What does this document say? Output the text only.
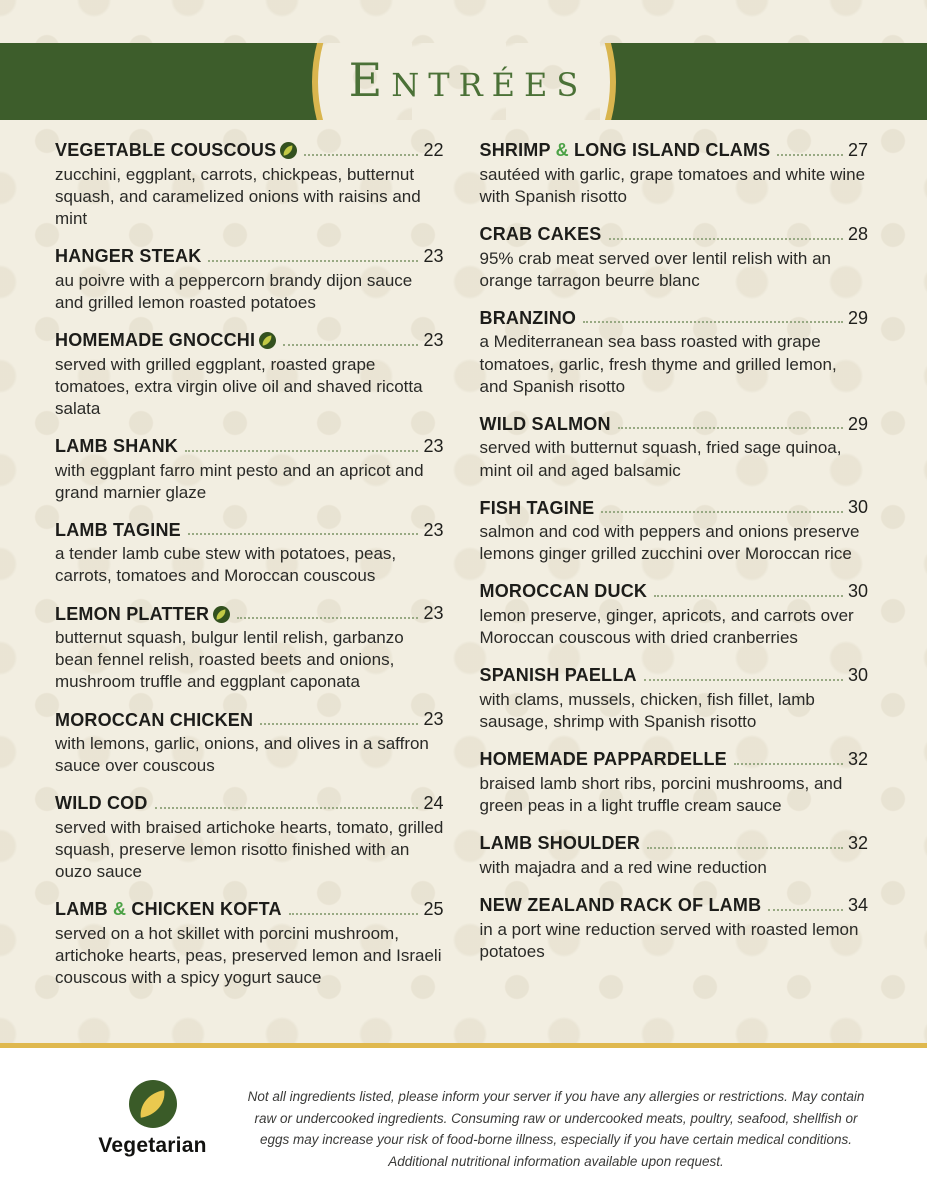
Entrées
VEGETABLE COUSCOUS	22

zucchini, eggplant, carrots, chickpeas, butternut squash, and caramelized onions with raisins and mint

HANGER STEAK	23

au poivre with a peppercorn brandy dijon sauce and grilled lemon roasted potatoes

HOMEMADE GNOCCHI	23

served with grilled eggplant, roasted grape tomatoes, extra virgin olive oil and shaved ricotta salata

LAMB SHANK	23

with eggplant farro mint pesto and an apricot and grand marnier glaze

LAMB TAGINE	23

a tender lamb cube stew with potatoes, peas, carrots, tomatoes and Moroccan couscous

LEMON PLATTER	23

butternut squash, bulgur lentil relish, garbanzo bean fennel relish, roasted beets and onions, mushroom truffle and eggplant caponata

MOROCCAN CHICKEN	23

with lemons, garlic, onions, and olives in a saffron sauce over couscous

WILD COD	24

served with braised artichoke hearts, tomato, grilled squash, preserve lemon risotto finished with an ouzo sauce

LAMB & CHICKEN KOFTA	25

served on a hot skillet with porcini mushroom, artichoke hearts, peas, preserved lemon and Israeli couscous with a spicy yogurt sauce

SHRIMP & LONG ISLAND CLAMS	27

sautéed with garlic, grape tomatoes and white wine with Spanish risotto

CRAB CAKES	28

95% crab meat served over lentil relish with an orange tarragon beurre blanc

BRANZINO	29

a Mediterranean sea bass roasted with grape tomatoes, garlic, fresh thyme and grilled lemon, and Spanish risotto

WILD SALMON	29

served with butternut squash, fried sage quinoa, mint oil and aged balsamic

FISH TAGINE	30

salmon and cod with peppers and onions preserve lemons ginger grilled zucchini over Moroccan rice

MOROCCAN DUCK	30

lemon preserve, ginger, apricots, and carrots over Moroccan couscous with dried cranberries

SPANISH PAELLA	30

with clams, mussels, chicken, fish fillet, lamb sausage, shrimp with Spanish risotto

HOMEMADE PAPPARDELLE	32

braised lamb short ribs, porcini mushrooms, and green peas in a light truffle cream sauce

LAMB SHOULDER	32

with majadra and a red wine reduction

NEW ZEALAND RACK OF LAMB	34

in a port wine reduction served with roasted lemon potatoes

Vegetarian

Not all ingredients listed, please inform your server if you have any allergies or restrictions. May contain raw or undercooked ingredients. Consuming raw or undercooked meats, poultry, seafood, shellfish or eggs may increase your risk of food-borne illness, especially if you have certain medical conditions. Additional nutritional information available upon request.
